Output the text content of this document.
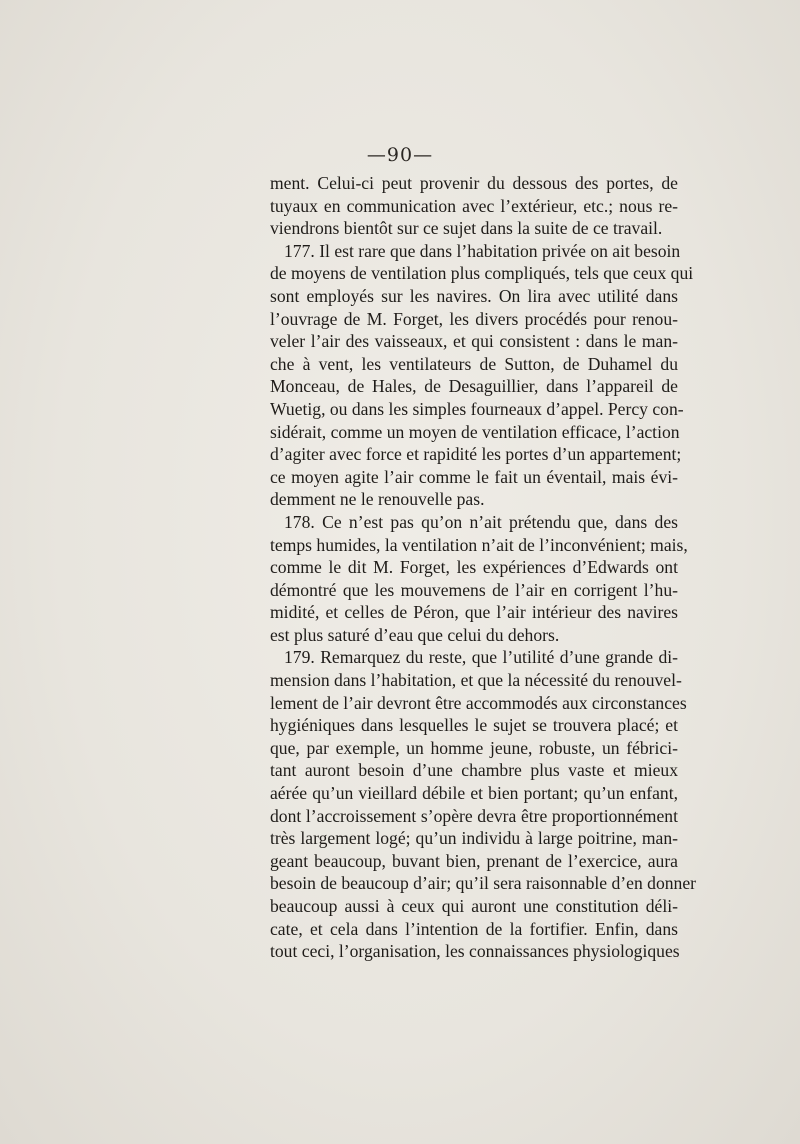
—90—
ment. Celui-ci peut provenir du dessous des portes, de
tuyaux en communication avec l’extérieur, etc.; nous re-
viendrons bientôt sur ce sujet dans la suite de ce travail.
177. Il est rare que dans l’habitation privée on ait besoin
de moyens de ventilation plus compliqués, tels que ceux qui
sont employés sur les navires. On lira avec utilité dans
l’ouvrage de M. Forget, les divers procédés pour renou-
veler l’air des vaisseaux, et qui consistent : dans le man-
che à vent, les ventilateurs de Sutton, de Duhamel du
Monceau, de Hales, de Desaguillier, dans l’appareil de
Wuetig, ou dans les simples fourneaux d’appel. Percy con-
sidérait, comme un moyen de ventilation efficace, l’action
d’agiter avec force et rapidité les portes d’un appartement;
ce moyen agite l’air comme le fait un éventail, mais évi-
demment ne le renouvelle pas.
178. Ce n’est pas qu’on n’ait prétendu que, dans des
temps humides, la ventilation n’ait de l’inconvénient; mais,
comme le dit M. Forget, les expériences d’Edwards ont
démontré que les mouvemens de l’air en corrigent l’hu-
midité, et celles de Péron, que l’air intérieur des navires
est plus saturé d’eau que celui du dehors.
179. Remarquez du reste, que l’utilité d’une grande di-
mension dans l’habitation, et que la nécessité du renouvel-
lement de l’air devront être accommodés aux circonstances
hygiéniques dans lesquelles le sujet se trouvera placé; et
que, par exemple, un homme jeune, robuste, un fébrici-
tant auront besoin d’une chambre plus vaste et mieux
aérée qu’un vieillard débile et bien portant; qu’un enfant,
dont l’accroissement s’opère devra être proportionnément
très largement logé; qu’un individu à large poitrine, man-
geant beaucoup, buvant bien, prenant de l’exercice, aura
besoin de beaucoup d’air; qu’il sera raisonnable d’en donner
beaucoup aussi à ceux qui auront une constitution déli-
cate, et cela dans l’intention de la fortifier. Enfin, dans
tout ceci, l’organisation, les connaissances physiologiques
